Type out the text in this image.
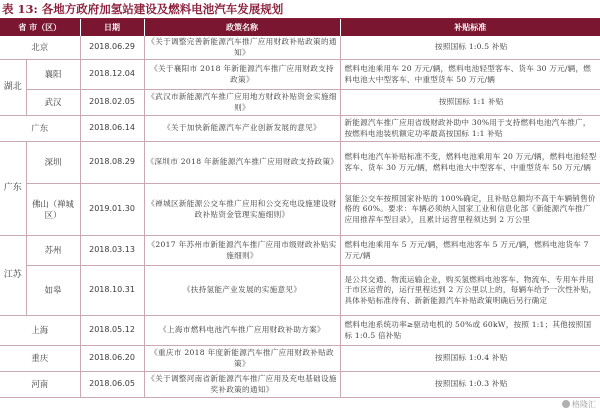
表 13: 各地方政府加氢站建设及燃料电池汽车发展规划
省 市（区）		日期	政策名称	补贴标准
北京		2018.06.29	《关于调整完善新能源汽车推广应用财政补贴政策的通知》	按照国标 1:0.5 补贴
湖北	襄阳	2018.12.04	《关于襄阳市 2018 年新能源汽车推广应用财政支持政策》	燃料电池乘用车 20 万元/辆，燃料电池轻型客车、货车 30 万元/辆，燃料电池大中型客车、中重型货车 50 万元/辆
	武汉	2018.02.05	《武汉市新能源汽车推广应用地方财政补贴资金实施细则》	按照国标 1:1 补贴
广东		2018.06.14	《关于加快新能源汽车产业创新发展的意见》	新能源汽车推广应用省级财政补助中 30%用于支持燃料电池汽车推广，按燃料电池装机额定功率最高按国标 1:1 补贴
广东	深圳	2018.08.29	《深圳市 2018 年新能源汽车推广应用财政支持政策》	燃料电池汽车补贴标准不变，燃料电池乘用车 20 万元/辆，燃料电池轻型客车、货车 30 万元/辆，燃料电池大中型客车、中重型货车 50 万元/辆
	佛山（禅城区）	2019.01.30	《禅城区新能源公交车推广应用和公交充电设施建设财政补贴资金管理实施细则》	氢能公交车按照国家补贴的 100%确定，且补贴总额均不高于车辆销售价格的 60%。要求：车辆必须纳入国家工业和信息化部《新能源汽车推广应用推荐车型目录》，且累计运营里程须达到 2 万公里
江苏	苏州	2018.03.13	《2017 年苏州市新能源汽车推广应用市级财政补贴实施细则》	燃料电池乘用车 5 万元/辆，燃料电池客车 5 万元/辆，燃料电池货车 7 万元/辆
	如皋	2018.10.31	《扶持氢能产业发展的实施意见》	是公共交通、物流运输企业，购买氢燃料电池客车、物流车、专用车并用于市区运营的，运行里程达到 2 万公里以上的，每辆车给予一次性补贴，具体补贴标准待有、新新能源汽车补贴政策明确后另行确定
上海		2018.05.12	《上海市燃料电池汽车推广应用财政补助方案》	燃料电池系统功率≥驱动电机的 50%或 60kW，按照 1:1；其他按照国标 1:0.5 倍补贴
重庆		2018.06.20	《重庆市 2018 年度新能源汽车推广应用财政补贴政策》	按照国标 1:0.4 补贴
河南		2018.06.05	《关于调整河南省新能源汽车推广应用及充电基础设施奖补政策的通知》	按照国标 1:0.3 补贴
格隆汇
